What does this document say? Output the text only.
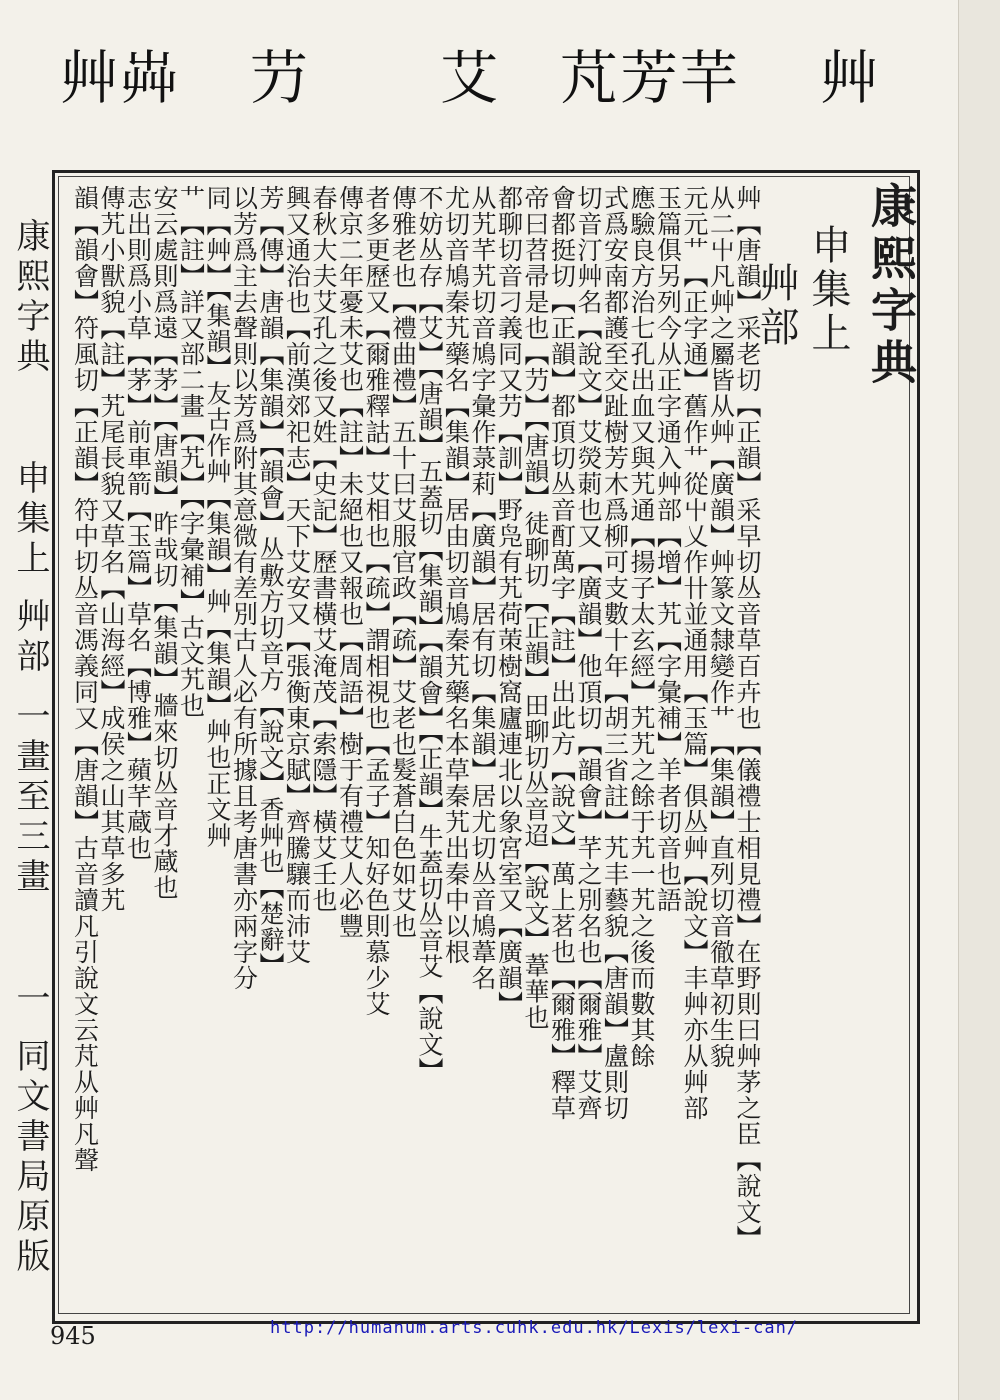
艸芔 芀 艾 芃芳芉 艸
康熙字典
申集上
艸部
艸【唐韻】采老切【正韻】采早切丛音草百卉也【儀禮士相見禮】在野則曰艸茅之臣【說文】
从二屮凡艸之屬皆从艸【廣韻】艸篆文隸變作艹【集韻】直列切音徹草初生貌
元元艹【正字通】舊作艹從屮乂作卄並通用【玉篇】俱丛艸【說文】丰艸亦从艸部
玉篇俱另列今从正字通入艸部【增】艽【字彙補】羊者切音也語
應驗良方治七孔出血又與艽通【揚子太玄經】艽艽之餘于艽一艽之後而數其餘
式爲安南都護至交趾樹芳木爲柳可支數十年【胡三省註】艽丰藝貌【唐韻】盧則切
切音汀艸名【說文】艾熒莿也又【廣韻】他頂切【韻會】芊之別名也【爾雅】艾齊
會都挺切【正韻】都頂切丛音酊萬字【註】出此方【說文】萬上茗也【爾雅】釋草
帝曰苕帚是也【芀】【唐韻】徒聊切【正韻】田聊切丛音迢【說文】葦華也
都聊切音刁義同又芀【訓】野凫有艽荷茦樹窩廬連北以象宮室又【廣韻】
从艽芊艽切音鳩字彙作菉莉【廣韻】居有切【集韻】居尤切丛音鳩葦名
尤切音鳩秦艽藥名【集韻】居由切音鳩秦艽藥名本草秦艽出秦中以根
不妨丛存【艾】【唐韻】五蓋切【集韻】【韻會】【正韻】牛蓋切丛音艾【說文】
傳雅老也【禮曲禮】五十曰艾服官政【疏】艾老也髮蒼白色如艾也
者多更歷又【爾雅釋詁】艾相也【疏】謂相視也【孟子】知好色則慕少艾
傳京二年憂未艾也【註】未絕也又報也【周語】樹于有禮艾人必豐
春秋大夫艾孔之後又姓【史記】歷書橫艾淹茂【索隱】橫艾壬也
興又通治也【前漢郊祀志】天下艾安又【張衡東京賦】齊騰驤而沛艾
芳【傳】唐韻【集韻】【韻會】丛敷方切音方【說文】香艸也【楚辭】
以芳爲主去聲則以芳爲附其意微有差別古人必有所據且考唐書亦兩字分
同【艸】【集韻】友古作艸【集韻】艸【集韻】艸也正文艸
艹【註】詳又部二畫【艽】【字彙補】古文艽也
安云處則爲遠【茅】【唐韻】昨哉切【集韻】牆來切丛音才蔵也
志出則爲小草【茅】前車箭【玉篇】草名【博雅】蘋芊蔵也
傳艽小獸貌【註】艽尾長貌又草名【山海經】成侯之山其草多艽
韻【韻會】符風切【正韻】符中切丛音馮義同又【唐韻】古音讀凡引說文云芃从艸凡聲
康熙字典
申集上
艸部
一畫至三畫
一
同文書局原版
945	http://humanum.arts.cuhk.edu.hk/Lexis/lexi-can/
